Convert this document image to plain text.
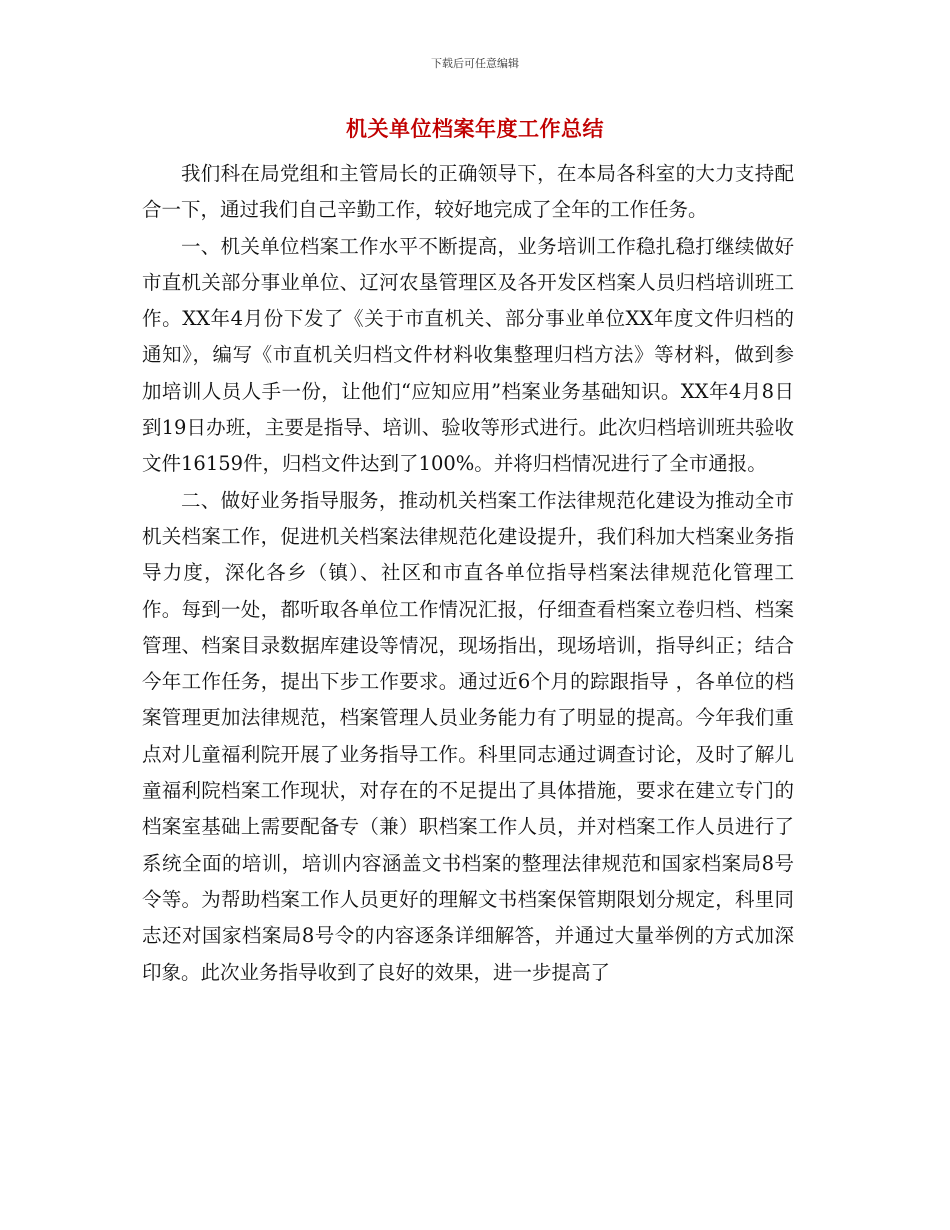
下载后可任意编辑
机关单位档案年度工作总结

我们科在局党组和主管局长的正确领导下，在本局各科室的大力支持配合一下，通过我们自己辛勤工作，较好地完成了全年的工作任务。

一、机关单位档案工作水平不断提高，业务培训工作稳扎稳打继续做好市直机关部分事业单位、辽河农垦管理区及各开发区档案人员归档培训班工作。XX年4月份下发了《关于市直机关、部分事业单位XX年度文件归档的通知》，编写《市直机关归档文件材料收集整理归档方法》等材料，做到参加培训人员人手一份，让他们“应知应用”档案业务基础知识。XX年4月8日到19日办班，主要是指导、培训、验收等形式进行。此次归档培训班共验收文件16159件，归档文件达到了100%。并将归档情况进行了全市通报。

二、做好业务指导服务，推动机关档案工作法律规范化建设为推动全市机关档案工作，促进机关档案法律规范化建设提升，我们科加大档案业务指导力度，深化各乡（镇）、社区和市直各单位指导档案法律规范化管理工作。每到一处，都听取各单位工作情况汇报，仔细查看档案立卷归档、档案管理、档案目录数据库建设等情况，现场指出，现场培训，指导纠正；结合今年工作任务，提出下步工作要求。通过近6个月的踪跟指导 ，各单位的档案管理更加法律规范，档案管理人员业务能力有了明显的提高。今年我们重点对儿童福利院开展了业务指导工作。科里同志通过调查讨论，及时了解儿童福利院档案工作现状，对存在的不足提出了具体措施，要求在建立专门的档案室基础上需要配备专（兼）职档案工作人员，并对档案工作人员进行了系统全面的培训，培训内容涵盖文书档案的整理法律规范和国家档案局8号令等。为帮助档案工作人员更好的理解文书档案保管期限划分规定，科里同志还对国家档案局8号令的内容逐条详细解答，并通过大量举例的方式加深印象。此次业务指导收到了良好的效果，进一步提高了
